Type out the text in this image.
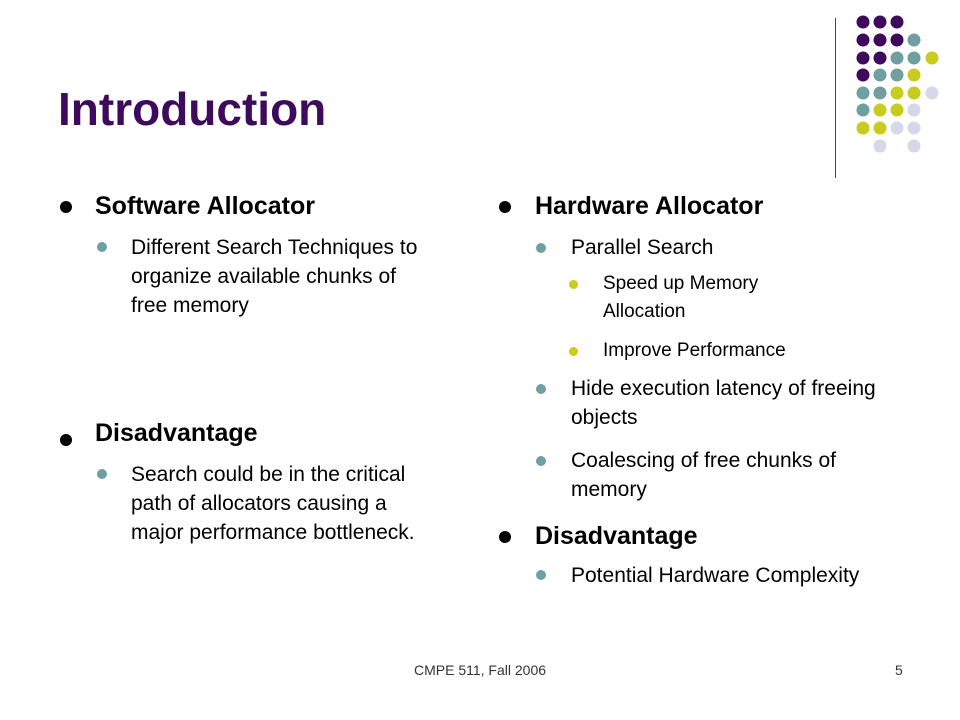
Introduction
Software Allocator
Different Search Techniques to organize available chunks of free memory
Disadvantage
Search could be in the critical path of allocators causing a major performance bottleneck.
Hardware Allocator
Parallel Search
Speed up Memory Allocation
Improve Performance
Hide execution latency of freeing objects
Coalescing of free chunks of memory
Disadvantage
Potential Hardware Complexity
CMPE 511, Fall 2006	5
